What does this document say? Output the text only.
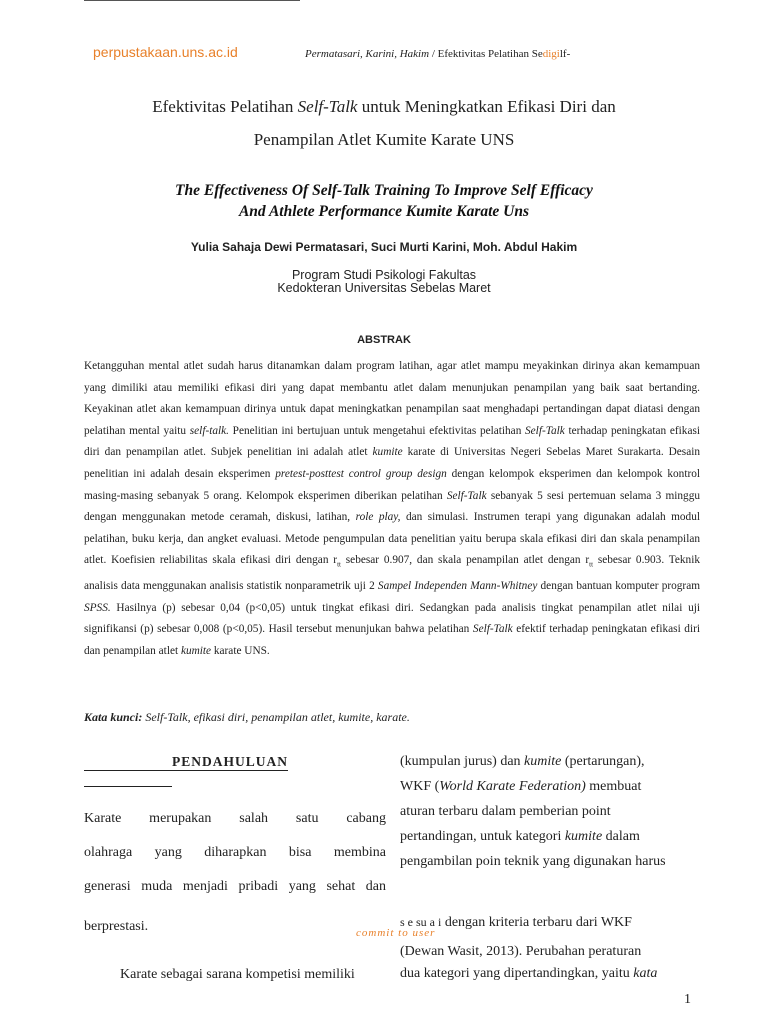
perpustakaan.uns.ac.id	Permatasari, Karini, Hakim / Efektivitas Pelatihan Sedigilf-
Efektivitas Pelatihan Self-Talk untuk Meningkatkan Efikasi Diri dan
Penampilan Atlet Kumite Karate UNS
The Effectiveness Of Self-Talk Training To Improve Self Efficacy
And Athlete Performance Kumite Karate Uns
Yulia Sahaja Dewi Permatasari, Suci Murti Karini, Moh. Abdul Hakim
Program Studi Psikologi Fakultas
Kedokteran Universitas Sebelas Maret
ABSTRAK
Ketangguhan mental atlet sudah harus ditanamkan dalam program latihan, agar atlet mampu meyakinkan dirinya akan kemampuan yang dimiliki atau memiliki efikasi diri yang dapat membantu atlet dalam menunjukan penampilan yang baik saat bertanding. Keyakinan atlet akan kemampuan dirinya untuk dapat meningkatkan penampilan saat menghadapi pertandingan dapat diatasi dengan pelatihan mental yaitu self-talk. Penelitian ini bertujuan untuk mengetahui efektivitas pelatihan Self-Talk terhadap peningkatan efikasi diri dan penampilan atlet. Subjek penelitian ini adalah atlet kumite karate di Universitas Negeri Sebelas Maret Surakarta. Desain penelitian ini adalah desain eksperimen pretest-posttest control group design dengan kelompok eksperimen dan kelompok kontrol masing-masing sebanyak 5 orang. Kelompok eksperimen diberikan pelatihan Self-Talk sebanyak 5 sesi pertemuan selama 3 minggu dengan menggunakan metode ceramah, diskusi, latihan, role play, dan simulasi. Instrumen terapi yang digunakan adalah modul pelatihan, buku kerja, dan angket evaluasi. Metode pengumpulan data penelitian yaitu berupa skala efikasi diri dan skala penampilan atlet. Koefisien reliabilitas skala efikasi diri dengan $r_{tt}$ sebesar 0.907, dan skala penampilan atlet dengan $r_{tt}$ sebesar 0.903. Teknik analisis data menggunakan analisis statistik nonparametrik uji 2 Sampel Independen Mann-Whitney dengan bantuan komputer program SPSS. Hasilnya (p) sebesar 0,04 (p<0,05) untuk tingkat efikasi diri. Sedangkan pada analisis tingkat penampilan atlet nilai uji signifikansi (p) sebesar 0,008 (p<0,05). Hasil tersebut menunjukan bahwa pelatihan Self-Talk efektif terhadap peningkatan efikasi diri dan penampilan atlet kumite karate UNS.
Kata kunci: Self-Talk, efikasi diri, penampilan atlet, kumite, karate.
PENDAHULUAN
Karate merupakan salah satu cabang
olahraga yang diharapkan bisa membina
generasi muda menjadi pribadi yang sehat dan
berprestasi.
Karate sebagai sarana kompetisi memiliki
(kumpulan jurus) dan kumite (pertarungan),
WKF (World Karate Federation) membuat
aturan terbaru dalam pemberian point
pertandingan, untuk kategori kumite dalam
pengambilan poin teknik yang digunakan harus
s e su a i dengan kriteria terbaru dari WKF
(Dewan Wasit, 2013). Perubahan peraturan
dua kategori yang dipertandingkan, yaitu kata
commit to user
1
